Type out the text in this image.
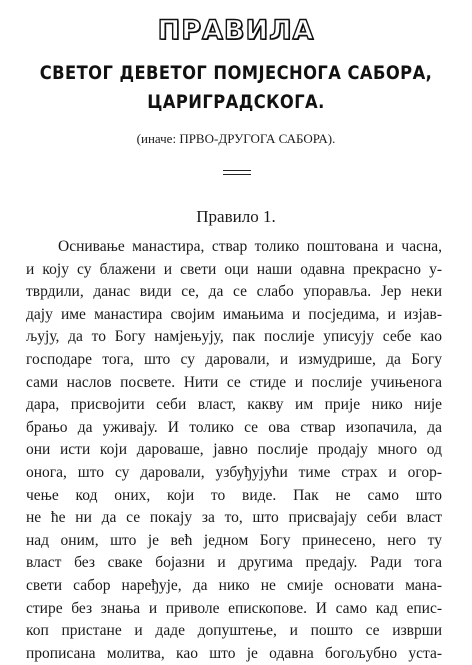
ПРАВИЛА
СВЕТОГ ДЕВЕТОГ ПОМЈЕСНОГА САБОРА,
ЦАРИГРАДСКОГА.
(иначе: ПРВО-ДРУГОГА САБОРА).
Правило 1.
Оснивање манастира, ствар толико поштована и часна,
и коју су блажени и свети оци наши одавна прекрасно у-
тврдили, данас види се, да се слабо упорављa. Јер неки
дају име манастира својим имањима и посједима, и изјав-
љују, да то Богу намјењују, пак послије уписују себе као
господаре тога, што су даровали, и измудрише, да Богу
сами наслов посвете. Нити се стиде и послије учињенога
дара, присвојити себи власт, какву им прије нико није
брањо да уживају. И толико се ова ствар изопачила, да
они исти који дароваше, јавно послије продају много од
онога, што су даровали, узбуђујући тиме страх и огор-
чење код оних, који то виде. Пак не само што
не ће ни да се покају за то, што присвајају себи власт
над оним, што је већ једном Богу принесено, него ту
власт без сваке бојазни и другима предају. Ради тога
свети сабор наређује, да нико не смије основати мана-
стире без знања и приволе епископове. И само кад епис-
коп пристане и даде допуштење, и пошто се изврши
прописана молитва, као што је одавна богољубно уста-
